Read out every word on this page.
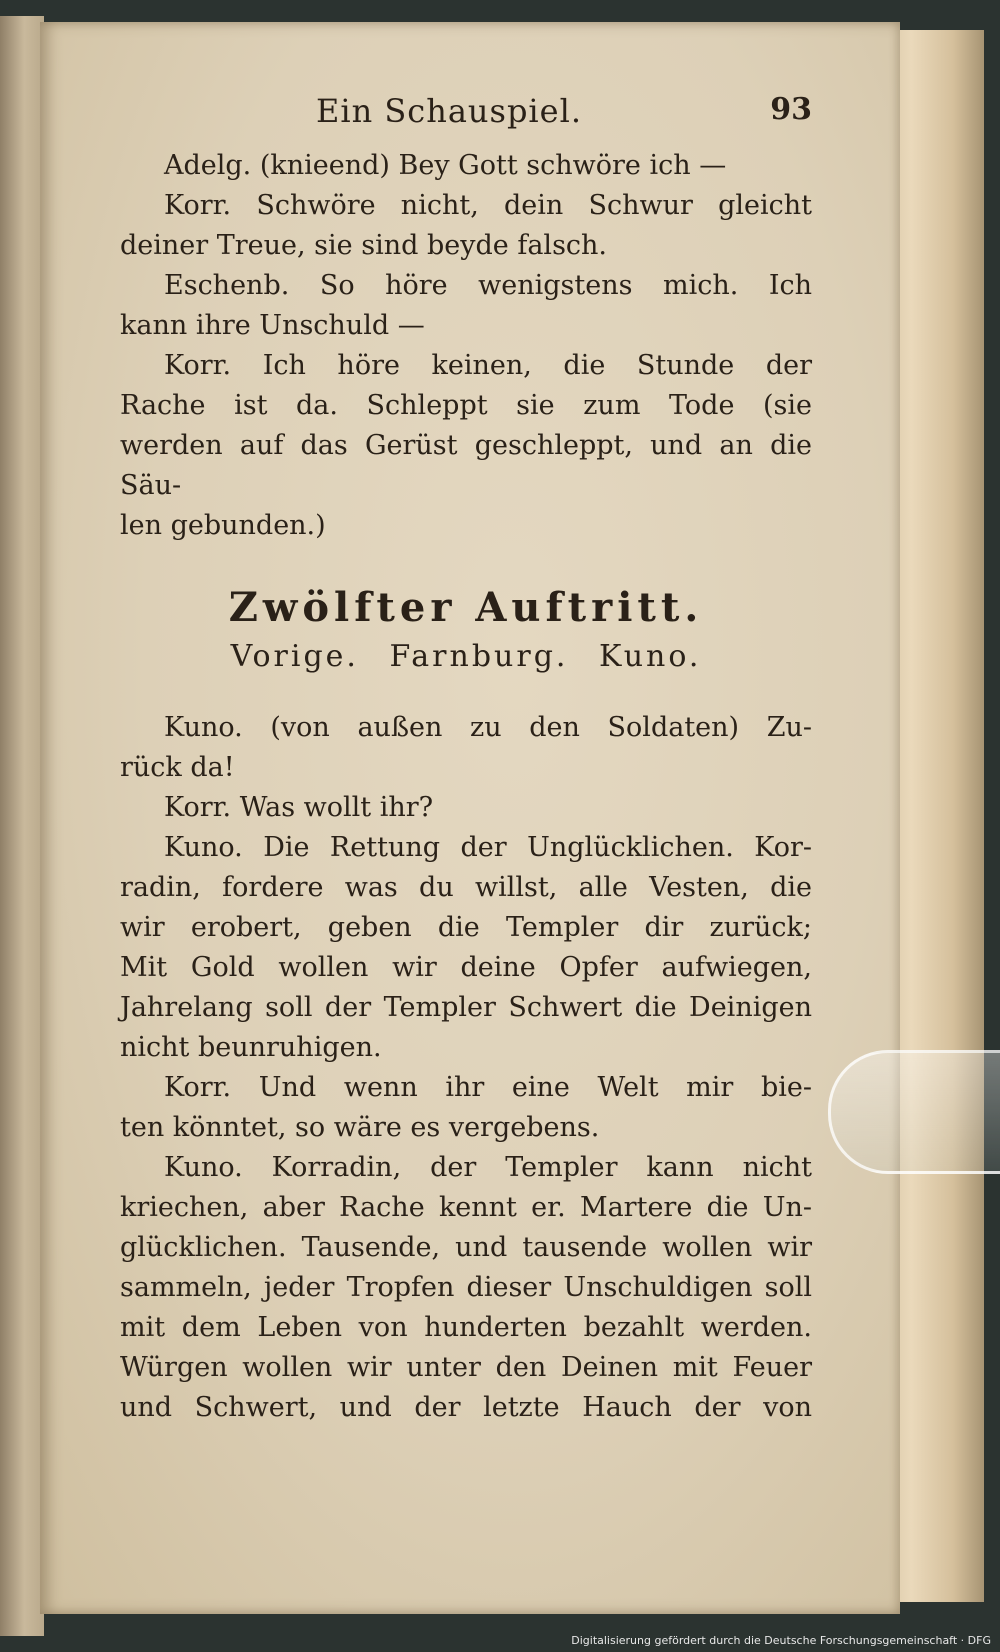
Ein Schauspiel.	93

Adelg. (knieend) Bey Gott schwöre ich —

Korr. Schwöre nicht, dein Schwur gleicht

deiner Treue, sie sind beyde falsch.

Eschenb. So höre wenigstens mich. Ich

kann ihre Unschuld —

Korr. Ich höre keinen, die Stunde der

Rache ist da. Schleppt sie zum Tode (sie

werden auf das Gerüst geschleppt, und an die Säu-

len gebunden.)

Zwölfter Auftritt.
Vorige. Farnburg. Kuno.

Kuno. (von außen zu den Soldaten) Zu-

rück da!

Korr. Was wollt ihr?

Kuno. Die Rettung der Unglücklichen. Kor-

radin, fordere was du willst, alle Vesten, die

wir erobert, geben die Templer dir zurück;

Mit Gold wollen wir deine Opfer aufwiegen,

Jahrelang soll der Templer Schwert die Deinigen

nicht beunruhigen.

Korr. Und wenn ihr eine Welt mir bie-

ten könntet, so wäre es vergebens.

Kuno. Korradin, der Templer kann nicht

kriechen, aber Rache kennt er. Martere die Un-

glücklichen. Tausende, und tausende wollen wir

sammeln, jeder Tropfen dieser Unschuldigen soll

mit dem Leben von hunderten bezahlt werden.

Würgen wollen wir unter den Deinen mit Feuer

und Schwert, und der letzte Hauch der von

Digitalisierung gefördert durch die Deutsche Forschungsgemeinschaft · DFG
